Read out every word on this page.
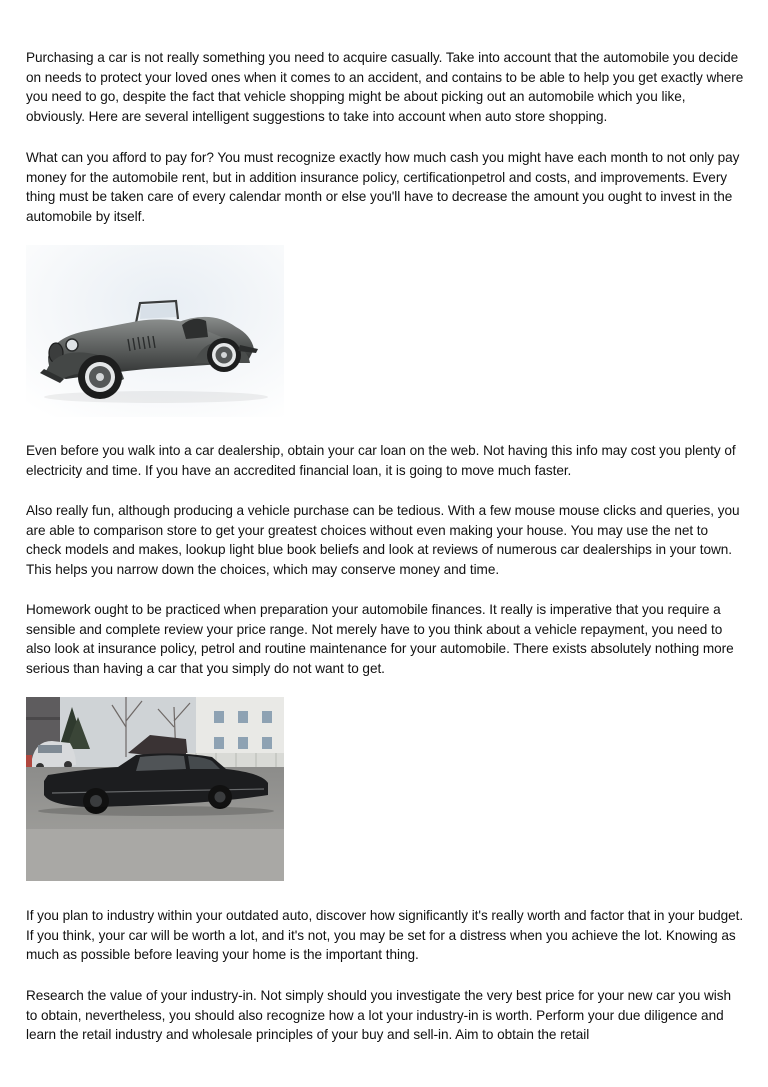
Purchasing a car is not really something you need to acquire casually. Take into account that the automobile you decide on needs to protect your loved ones when it comes to an accident, and contains to be able to help you get exactly where you need to go, despite the fact that vehicle shopping might be about picking out an automobile which you like, obviously. Here are several intelligent suggestions to take into account when auto store shopping.

What can you afford to pay for? You must recognize exactly how much cash you might have each month to not only pay money for the automobile rent, but in addition insurance policy, certificationpetrol and costs, and improvements. Every thing must be taken care of every calendar month or else you'll have to decrease the amount you ought to invest in the automobile by itself.

Even before you walk into a car dealership, obtain your car loan on the web. Not having this info may cost you plenty of electricity and time. If you have an accredited financial loan, it is going to move much faster.

Also really fun, although producing a vehicle purchase can be tedious. With a few mouse mouse clicks and queries, you are able to comparison store to get your greatest choices without even making your house. You may use the net to check models and makes, lookup light blue book beliefs and look at reviews of numerous car dealerships in your town. This helps you narrow down the choices, which may conserve money and time.

Homework ought to be practiced when preparation your automobile finances. It really is imperative that you require a sensible and complete review your price range. Not merely have to you think about a vehicle repayment, you need to also look at insurance policy, petrol and routine maintenance for your automobile. There exists absolutely nothing more serious than having a car that you simply do not want to get.

If you plan to industry within your outdated auto, discover how significantly it's really worth and factor that in your budget. If you think, your car will be worth a lot, and it's not, you may be set for a distress when you achieve the lot. Knowing as much as possible before leaving your home is the important thing.

Research the value of your industry-in. Not simply should you investigate the very best price for your new car you wish to obtain, nevertheless, you should also recognize how a lot your industry-in is worth. Perform your due diligence and learn the retail industry and wholesale principles of your buy and sell-in. Aim to obtain the retail
